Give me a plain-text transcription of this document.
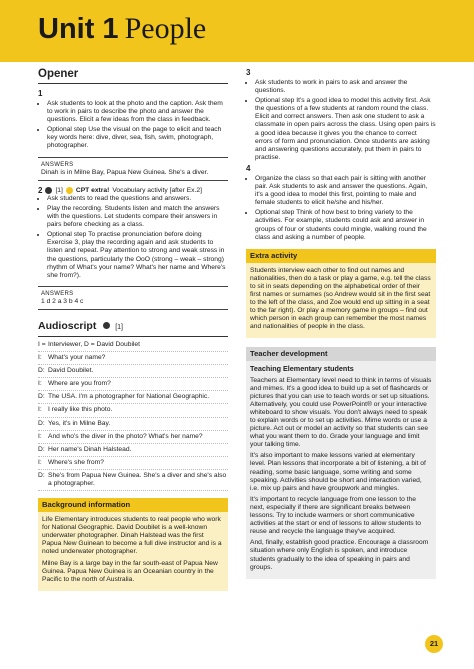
Unit 1 People
Opener
1
• Ask students to look at the photo and the caption. Ask them to work in pairs to describe the photo and answer the questions. Elicit a few ideas from the class in feedback.
• Optional step Use the visual on the page to elicit and teach key words here: dive, diver, sea, fish, swim, photograph, photographer.
ANSWERS
Dinah is in Milne Bay, Papua New Guinea. She's a diver.
2 [1] CPT extra! Vocabulary activity [after Ex.2]
• Ask students to read the questions and answers.
• Play the recording. Students listen and match the answers with the questions. Let students compare their answers in pairs before checking as a class.
• Optional step To practise pronunciation before doing Exercise 3, play the recording again and ask students to listen and repeat. Pay attention to strong and weak stress in the questions, particularly the OoO (strong – weak – strong) rhythm of What's your name? What's her name and Where's she from?).
ANSWERS
1 d 2 a 3 b 4 c
Audioscript	[1]
I = Interviewer, D = David Doubilet
I: What's your name?
D: David Doubilet.
I: Where are you from?
D: The USA. I'm a photographer for National Geographic.
I: I really like this photo.
D: Yes, it's in Milne Bay.
I: And who's the diver in the photo? What's her name?
D: Her name's Dinah Halstead.
I: Where's she from?
D: She's from Papua New Guinea. She's a diver and she's also a photographer.
Background information

Life Elementary introduces students to real people who work for National Geographic. David Doubilet is a well-known underwater photographer. Dinah Halstead was the first Papua New Guinean to become a full dive instructor and is a noted underwater photographer.

Milne Bay is a large bay in the far south-east of Papua New Guinea. Papua New Guinea is an Oceanian country in the Pacific to the north of Australia.

3
• Ask students to work in pairs to ask and answer the questions.
• Optional step It's a good idea to model this activity first. Ask the questions of a few students at random round the class. Elicit and correct answers. Then ask one student to ask a classmate in open pairs across the class. Using open pairs is a good idea because it gives you the chance to correct errors of form and pronunciation. Once students are asking and answering questions accurately, put them in pairs to practise.
4
• Organize the class so that each pair is sitting with another pair. Ask students to ask and answer the questions. Again, it's a good idea to model this first, pointing to male and female students to elicit he/she and his/her.
• Optional step Think of how best to bring variety to the activities. For example, students could ask and answer in groups of four or students could mingle, walking round the class and asking a number of people.
Extra activity

Students interview each other to find out names and nationalities, then do a task or play a game, e.g. tell the class to sit in seats depending on the alphabetical order of their first names or surnames (so Andrew would sit in the first seat to the left of the class, and Zoe would end up sitting in a seat to the far right). Or play a memory game in groups – find out which person in each group can remember the most names and nationalities of people in the class.

Teacher development
Teaching Elementary students

Teachers at Elementary level need to think in terms of visuals and mimes. It's a good idea to build up a set of flashcards or pictures that you can use to teach words or set up situations. Alternatively, you could use PowerPoint® or your interactive whiteboard to show visuals. You don't always need to speak to explain words or to set up activities. Mime words or use a picture. Act out or model an activity so that students can see what you want them to do. Grade your language and limit your talking time.

It's also important to make lessons varied at elementary level. Plan lessons that incorporate a bit of listening, a bit of reading, some basic language, some writing and some speaking. Activities should be short and interaction varied, i.e. mix up pairs and have groupwork and mingles.

It's important to recycle language from one lesson to the next, especially if there are significant breaks between lessons. Try to include warmers or short communicative activities at the start or end of lessons to allow students to reuse and recycle the language they've acquired.

And, finally, establish good practice. Encourage a classroom situation where only English is spoken, and introduce students gradually to the idea of speaking in pairs and groups.

21
